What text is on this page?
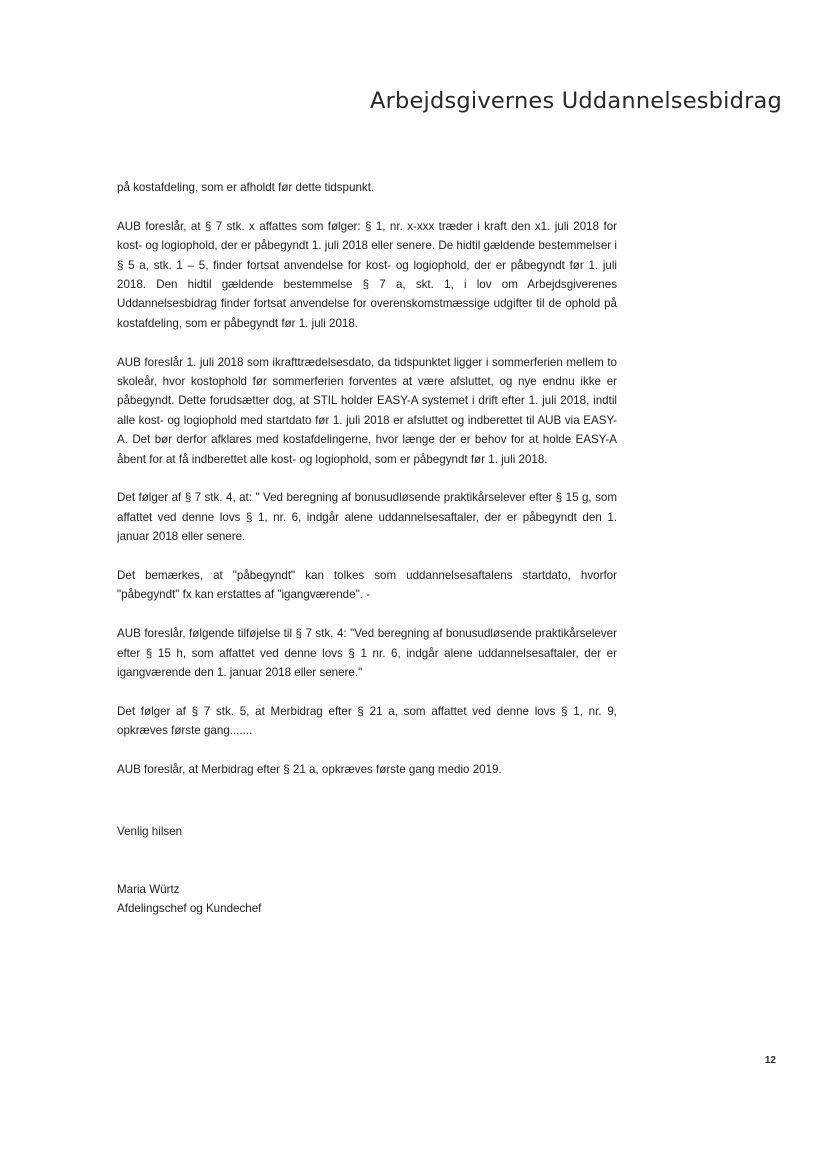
Arbejdsgivernes Uddannelsesbidrag

på kostafdeling, som er afholdt før dette tidspunkt.

AUB foreslår, at § 7 stk. x affattes som følger: § 1, nr. x-xxx træder i kraft den x1. juli 2018 for kost- og logiophold, der er påbegyndt 1. juli 2018 eller senere. De hidtil gældende bestemmelser i § 5 a, stk. 1 – 5, finder fortsat anvendelse for kost- og logiophold, der er påbegyndt før 1. juli 2018. Den hidtil gældende bestemmelse § 7 a, skt. 1, i lov om Arbejdsgiverenes Uddannelsesbidrag finder fortsat anvendelse for overenskomstmæssige udgifter til de ophold på kostafdeling, som er påbegyndt før 1. juli 2018.

AUB foreslår 1. juli 2018 som ikrafttrædelsesdato, da tidspunktet ligger i sommerferien mellem to skoleår, hvor kostophold før sommerferien forventes at være afsluttet, og nye endnu ikke er påbegyndt. Dette forudsætter dog, at STIL holder EASY-A systemet i drift efter 1. juli 2018, indtil alle kost- og logiophold med startdato før 1. juli 2018 er afsluttet og indberettet til AUB via EASY-A. Det bør derfor afklares med kostafdelingerne, hvor længe der er behov for at holde EASY-A åbent for at få indberettet alle kost- og logiophold, som er påbegyndt før 1. juli 2018.

Det følger af § 7 stk. 4, at: " Ved beregning af bonusudløsende praktikårselever efter § 15 g, som affattet ved denne lovs § 1, nr. 6, indgår alene uddannelsesaftaler, der er påbegyndt den 1. januar 2018 eller senere.

Det bemærkes, at "påbegyndt" kan tolkes som uddannelsesaftalens startdato, hvorfor "påbegyndt" fx kan erstattes af "igangværende". -

AUB foreslår, følgende tilføjelse til § 7 stk. 4: "Ved beregning af bonusudløsende praktikårselever efter § 15 h, som affattet ved denne lovs § 1 nr. 6, indgår alene uddannelsesaftaler, der er igangværende den 1. januar 2018 eller senere."

Det følger af § 7 stk. 5, at Merbidrag efter § 21 a, som affattet ved denne lovs § 1, nr. 9, opkræves første gang.......

AUB foreslår, at Merbidrag efter § 21 a, opkræves første gang medio 2019.

Venlig hilsen
Maria Würtz
Afdelingschef og Kundechef
12
